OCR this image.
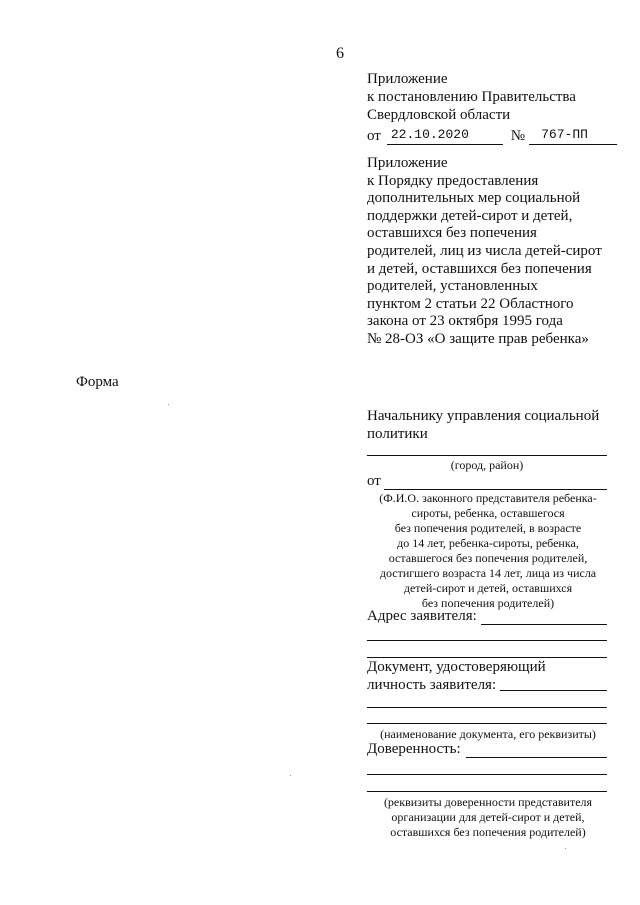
6
Приложение
к постановлению Правительства
Свердловской области
от 22.10.2020	№	767-ПП
Приложение
к Порядку предоставления
дополнительных мер социальной
поддержки детей-сирот и детей,
оставшихся без попечения
родителей, лиц из числа детей-сирот
и детей, оставшихся без попечения
родителей, установленных
пунктом 2 статьи 22 Областного
закона от 23 октября 1995 года
№ 28-ОЗ «О защите прав ребенка»
Форма
Начальнику управления социальной
политики
(город, район)
от
(Ф.И.О. законного представителя ребенка-
сироты, ребенка, оставшегося
без попечения родителей, в возрасте
до 14 лет, ребенка-сироты, ребенка,
оставшегося без попечения родителей,
достигшего возраста 14 лет, лица из числа
детей-сирот и детей, оставшихся
без попечения родителей)
Адрес заявителя:
Документ, удостоверяющий
личность заявителя:
(наименование документа, его реквизиты)
Доверенность:
(реквизиты доверенности представителя
организации для детей-сирот и детей,
оставшихся без попечения родителей)
